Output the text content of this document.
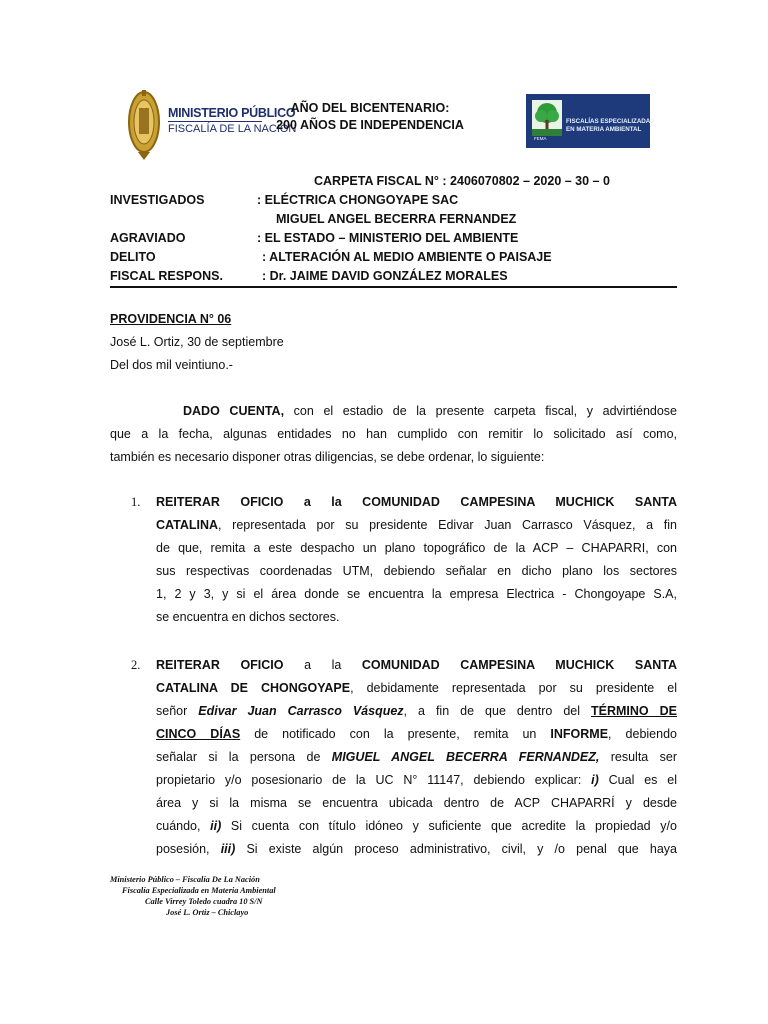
MINISTERIO PÚBLICO
FISCALÍA DE LA NACIÓN
AÑO DEL BICENTENARIO:
200 AÑOS DE INDEPENDENCIA
FEMA
FISCALÍAS ESPECIALIZADAS
EN MATERIA AMBIENTAL
CARPETA FISCAL N° : 2406070802 – 2020 – 30 – 0
INVESTIGADOS	: ELÉCTRICA CHONGOYAPE SAC
MIGUEL ANGEL BECERRA FERNANDEZ
AGRAVIADO	: EL ESTADO – MINISTERIO DEL AMBIENTE
DELITO	: ALTERACIÓN AL MEDIO AMBIENTE O PAISAJE
FISCAL RESPONS.	: Dr. JAIME DAVID GONZÁLEZ MORALES
PROVIDENCIA N° 06
José L. Ortiz, 30 de septiembre
Del dos mil veintiuno.-
DADO CUENTA, con el estadio de la presente carpeta fiscal, y advirtiéndose
que a la fecha, algunas entidades no han cumplido con remitir lo solicitado así como,
también es necesario disponer otras diligencias, se debe ordenar, lo siguiente:
1. REITERAR OFICIO a la COMUNIDAD CAMPESINA MUCHICK SANTA
CATALINA, representada por su presidente Edivar Juan Carrasco Vásquez, a fin
de que, remita a este despacho un plano topográfico de la ACP – CHAPARRI, con
sus respectivas coordenadas UTM, debiendo señalar en dicho plano los sectores
1, 2 y 3, y si el área donde se encuentra la empresa Electrica - Chongoyape S.A,
se encuentra en dichos sectores.
2. REITERAR OFICIO a la COMUNIDAD CAMPESINA MUCHICK SANTA
CATALINA DE CHONGOYAPE, debidamente representada por su presidente el
señor Edivar Juan Carrasco Vásquez, a fin de que dentro del TÉRMINO DE
CINCO DÍAS de notificado con la presente, remita un INFORME, debiendo
señalar si la persona de MIGUEL ANGEL BECERRA FERNANDEZ, resulta ser
propietario y/o posesionario de la UC N° 11147, debiendo explicar: i) Cual es el
área y si la misma se encuentra ubicada dentro de ACP CHAPARRÍ y desde
cuándo, ii) Si cuenta con título idóneo y suficiente que acredite la propiedad y/o
posesión, iii) Si existe algún proceso administrativo, civil, y /o penal que haya
Ministerio Público – Fiscalía De La Nación
Fiscalía Especializada en Materia Ambiental
Calle Virrey Toledo cuadra 10 S/N
José L. Ortiz – Chiclayo
